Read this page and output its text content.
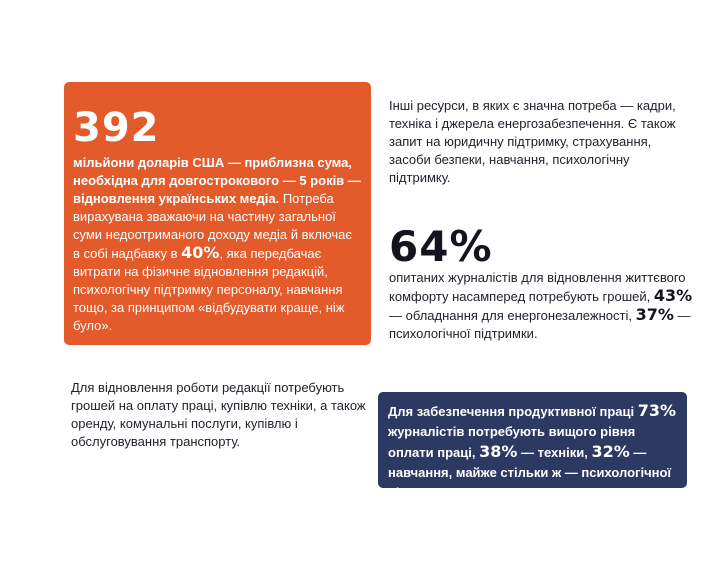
392
мільйони доларів США — приблизна сума, необхідна для довгострокового — 5 років — відновлення українських медіа. Потреба вирахувана зважаючи на частину загальної суми недоотриманого доходу медіа й включає в собі надбавку в 40%, яка передбачає витрати на фізичне відновлення редакцій, психологічну підтримку персоналу, навчання тощо, за принципом «відбудувати краще, ніж було».
Інші ресурси, в яких є значна потреба — кадри, техніка і джерела енергозабезпечення. Є також запит на юридичну підтримку, страхування, засоби безпеки, навчання, психологічну підтримку.
64%
опитаних журналістів для відновлення життєвого комфорту насамперед потребують грошей, 43% — обладнання для енергонезалежності, 37% — психологічної підтримки.
Для відновлення роботи редакції потребують грошей на оплату праці, купівлю техніки, а також оренду, комунальні послуги, купівлю і обслуговування транспорту.
Для забезпечення продуктивної праці 73% журналістів потребують вищого рівня оплати праці, 38% — техніки, 32% — навчання, майже стільки ж — психологічної підтримки.
